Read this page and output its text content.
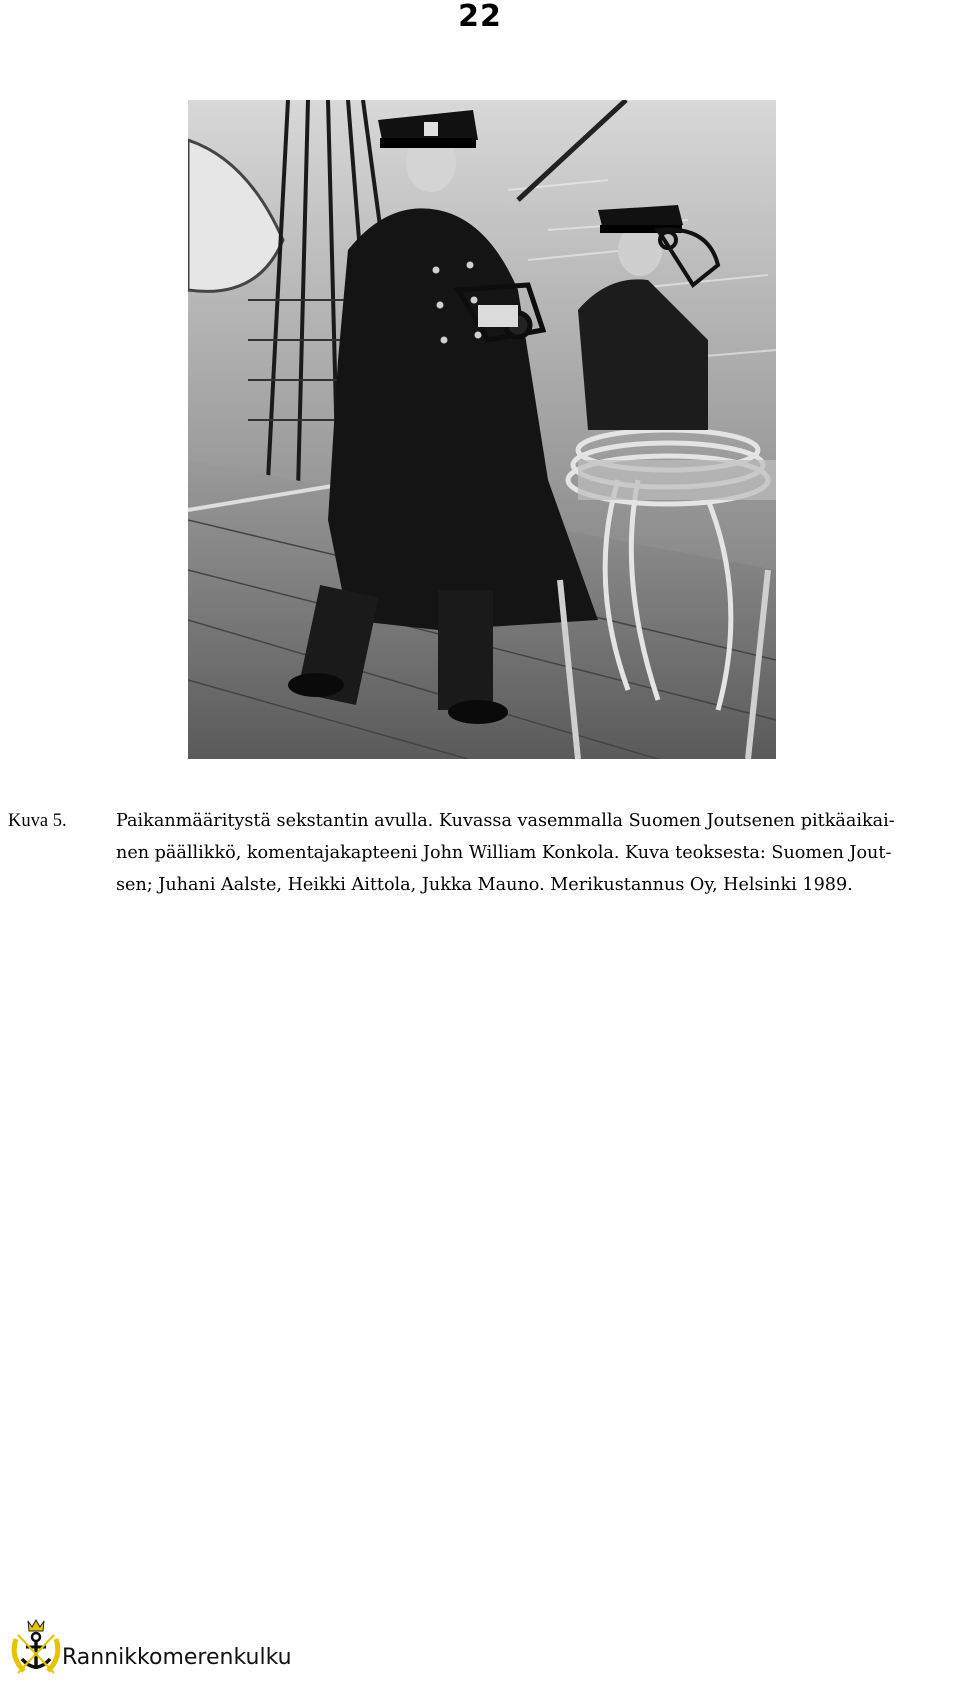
22
Kuva 5.	Paikanmääritystä sekstantin avulla. Kuvassa vasemmalla Suomen Joutsenen pitkäaikai-
nen päällikkö, komentajakapteeni John William Konkola. Kuva teoksesta: Suomen Jout-
sen; Juhani Aalste, Heikki Aittola, Jukka Mauno. Merikustannus Oy, Helsinki 1989.
Rannikkomerenkulku
